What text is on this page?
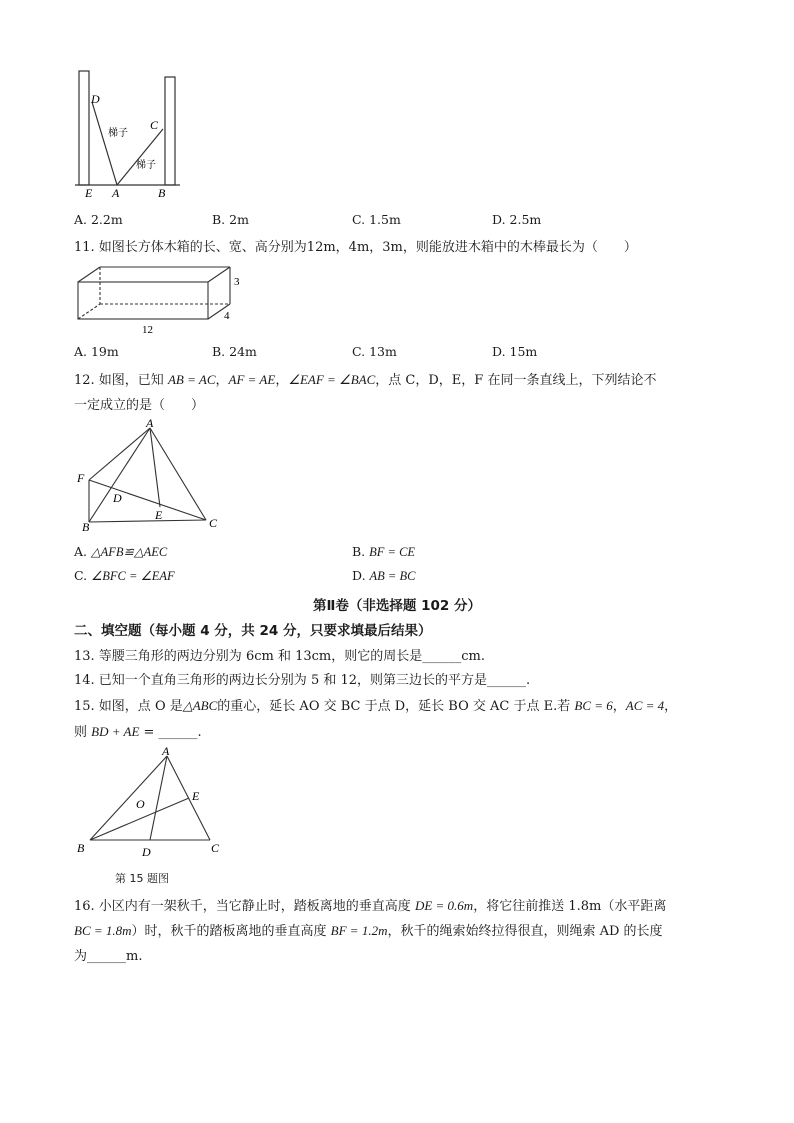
D
C
E A	B
梯子
梯子
A. 2.2m	B. 2m	C. 1.5m	D. 2.5m
11. 如图长方体木箱的长、宽、高分别为12m，4m，3m，则能放进木箱中的木棒最长为（　　）
3
4
12
A. 19m	B. 24m	C. 13m	D. 15m
12. 如图，已知 AB = AC，AF = AE，∠EAF = ∠BAC，点 C，D，E，F 在同一条直线上，下列结论不
一定成立的是（　　）
A
F
D
E
B	C
A. △AFB≌△AEC	B. BF = CE
C. ∠BFC = ∠EAF	D. AB = BC
第Ⅱ卷（非选择题 102 分）
二、填空题（每小题 4 分，共 24 分，只要求填最后结果）
13. 等腰三角形的两边分别为 6cm 和 13cm，则它的周长是______cm.
14. 已知一个直角三角形的两边长分别为 5 和 12，则第三边长的平方是______.
15. 如图，点 O 是△ABC的重心，延长 AO 交 BC 于点 D，延长 BO 交 AC 于点 E.若 BC = 6，AC = 4，
则 BD + AE = ______.
A
O
E
B	D	C
第 15 题图
16. 小区内有一架秋千，当它静止时，踏板离地的垂直高度 DE = 0.6m，将它往前推送 1.8m（水平距离
BC = 1.8m）时，秋千的踏板离地的垂直高度 BF = 1.2m，秋千的绳索始终拉得很直，则绳索 AD 的长度
为______m.
